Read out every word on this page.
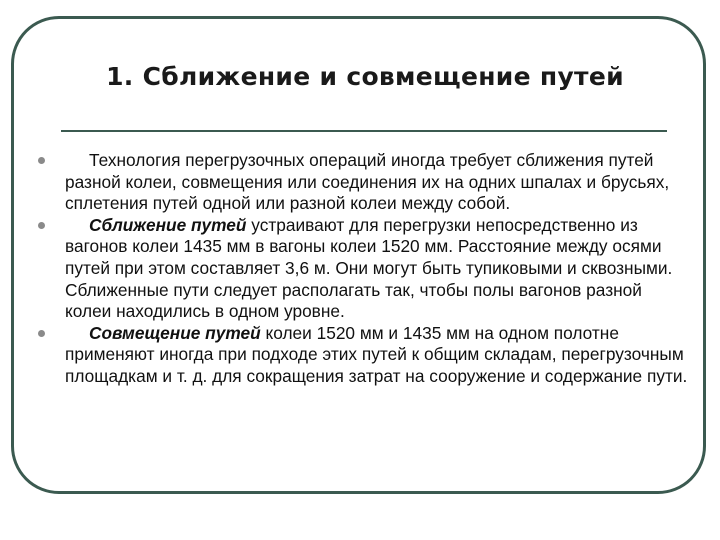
1. Сближение и совмещение путей
Технология перегрузочных операций иногда требует сближения путей разной колеи, совмещения или соединения их на одних шпалах и брусьях, сплетения путей одной или разной колеи между собой.
Сближение путей устраивают для перегрузки непосредственно из вагонов колеи 1435 мм в вагоны колеи 1520 мм. Расстояние между осями путей при этом составляет 3,6 м. Они могут быть тупиковыми и сквозными. Сближенные пути следует располагать так, чтобы полы вагонов разной колеи находились в одном уровне.
Совмещение путей колеи 1520 мм и 1435 мм на одном полотне применяют иногда при подходе этих путей к общим складам, перегрузочным площадкам и т. д. для сокращения затрат на сооружение и содержание пути.
